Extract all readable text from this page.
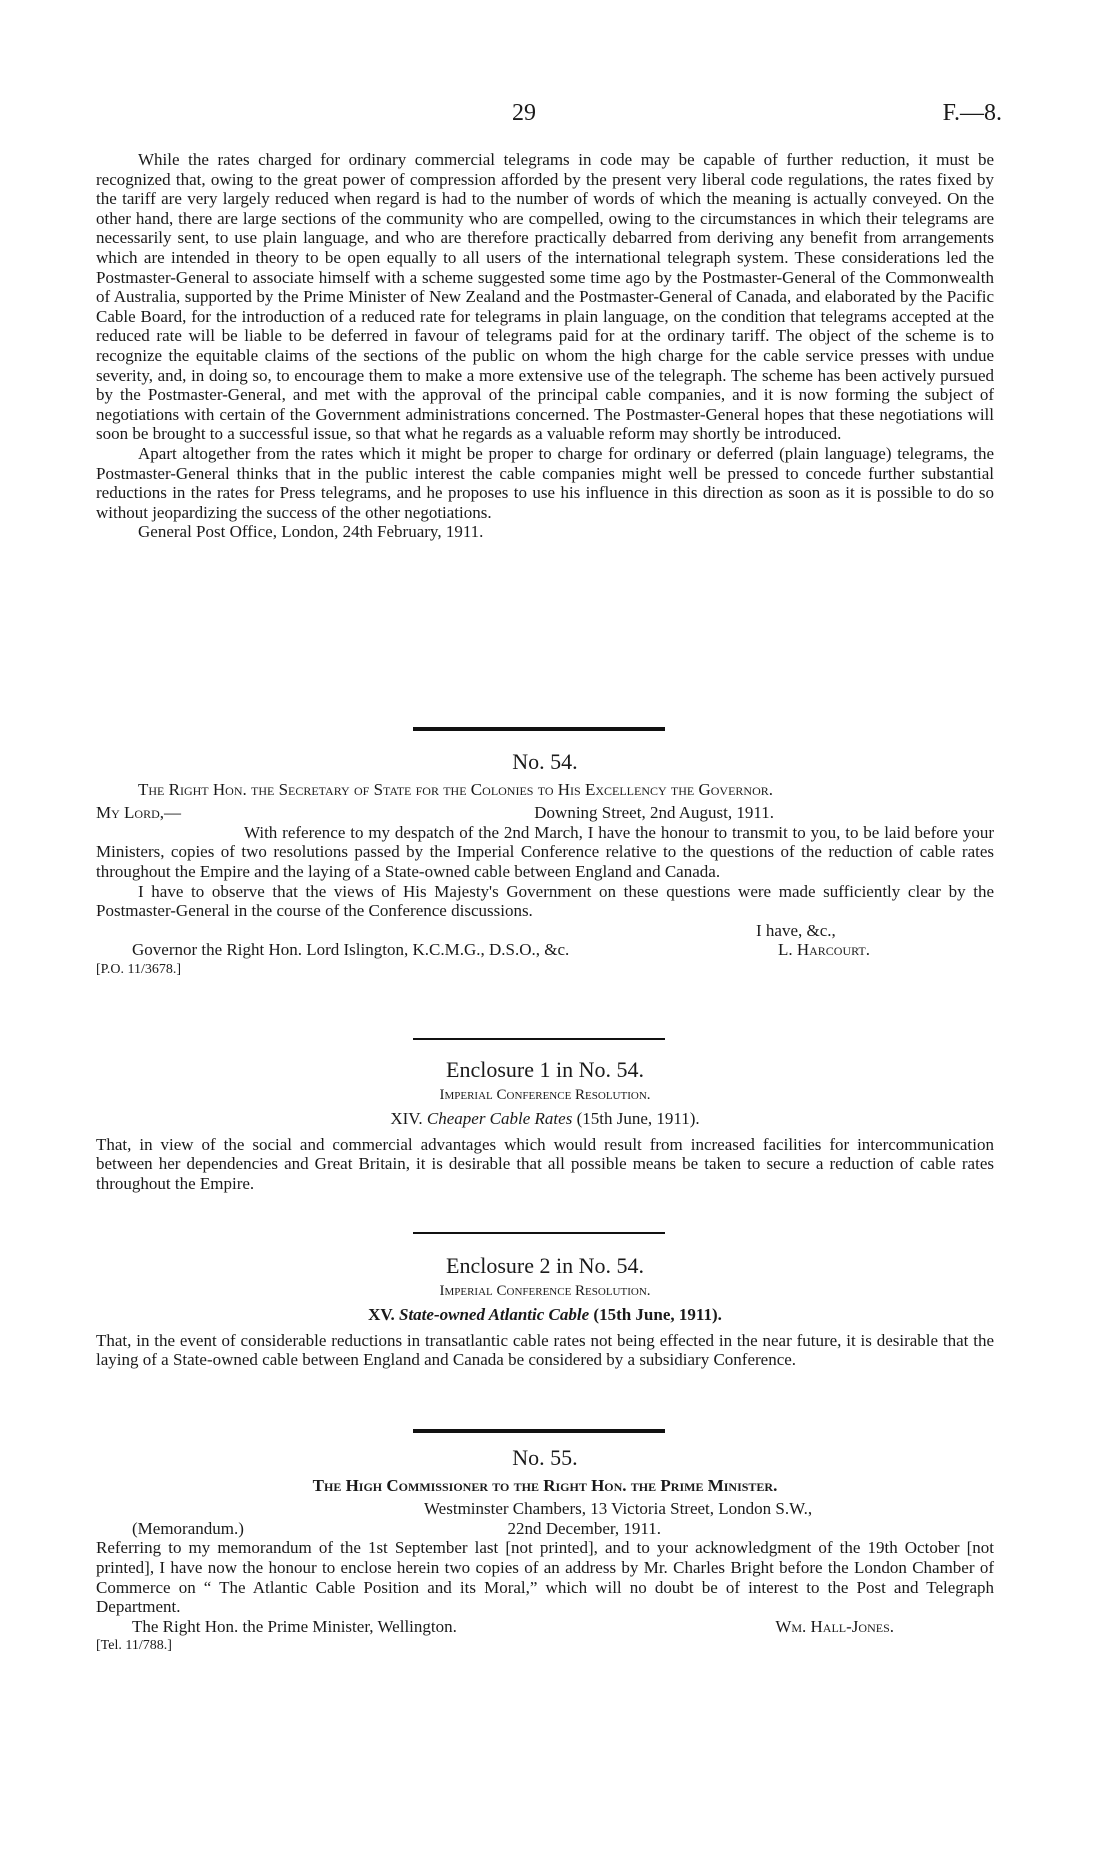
29	F.—8.

While the rates charged for ordinary commercial telegrams in code may be capable of further reduction, it must be recognized that, owing to the great power of compression afforded by the present very liberal code regulations, the rates fixed by the tariff are very largely reduced when regard is had to the number of words of which the meaning is actually conveyed. On the other hand, there are large sections of the community who are compelled, owing to the circumstances in which their telegrams are necessarily sent, to use plain language, and who are therefore practically debarred from deriving any benefit from arrangements which are intended in theory to be open equally to all users of the international telegraph system. These considerations led the Postmaster-General to associate himself with a scheme suggested some time ago by the Postmaster-General of the Commonwealth of Australia, supported by the Prime Minister of New Zealand and the Postmaster-General of Canada, and elaborated by the Pacific Cable Board, for the introduction of a reduced rate for telegrams in plain language, on the condition that telegrams accepted at the reduced rate will be liable to be deferred in favour of telegrams paid for at the ordinary tariff. The object of the scheme is to recognize the equitable claims of the sections of the public on whom the high charge for the cable service presses with undue severity, and, in doing so, to encourage them to make a more extensive use of the telegraph. The scheme has been actively pursued by the Postmaster-General, and met with the approval of the principal cable companies, and it is now forming the subject of negotiations with certain of the Government administrations concerned. The Postmaster-General hopes that these negotiations will soon be brought to a successful issue, so that what he regards as a valuable reform may shortly be introduced.

Apart altogether from the rates which it might be proper to charge for ordinary or deferred (plain language) telegrams, the Postmaster-General thinks that in the public interest the cable companies might well be pressed to concede further substantial reductions in the rates for Press telegrams, and he proposes to use his influence in this direction as soon as it is possible to do so without jeopardizing the success of the other negotiations.

General Post Office, London, 24th February, 1911.

No. 54.

The Right Hon. the Secretary of State for the Colonies to His Excellency the Governor.

My Lord,—	Downing Street, 2nd August, 1911.

With reference to my despatch of the 2nd March, I have the honour to transmit to you, to be laid before your Ministers, copies of two resolutions passed by the Imperial Conference relative to the questions of the reduction of cable rates throughout the Empire and the laying of a State-owned cable between England and Canada.

I have to observe that the views of His Majesty's Government on these questions were made sufficiently clear by the Postmaster-General in the course of the Conference discussions.

I have, &c.,
Governor the Right Hon. Lord Islington, K.C.M.G., D.S.O., &c.	L. Harcourt.
[P.O. 11/3678.]
Enclosure 1 in No. 54.
Imperial Conference Resolution.
XIV. Cheaper Cable Rates (15th June, 1911).

That, in view of the social and commercial advantages which would result from increased facilities for intercommunication between her dependencies and Great Britain, it is desirable that all possible means be taken to secure a reduction of cable rates throughout the Empire.

Enclosure 2 in No. 54.
Imperial Conference Resolution.
XV. State-owned Atlantic Cable (15th June, 1911).

That, in the event of considerable reductions in transatlantic cable rates not being effected in the near future, it is desirable that the laying of a State-owned cable between England and Canada be considered by a subsidiary Conference.

No. 55.

The High Commissioner to the Right Hon. the Prime Minister.

Westminster Chambers, 13 Victoria Street, London S.W.,
(Memorandum.)	22nd December, 1911.

Referring to my memorandum of the 1st September last [not printed], and to your acknowledgment of the 19th October [not printed], I have now the honour to enclose herein two copies of an address by Mr. Charles Bright before the London Chamber of Commerce on “ The Atlantic Cable Position and its Moral,” which will no doubt be of interest to the Post and Telegraph Department.

The Right Hon. the Prime Minister, Wellington.	Wm. Hall-Jones.
[Tel. 11/788.]
